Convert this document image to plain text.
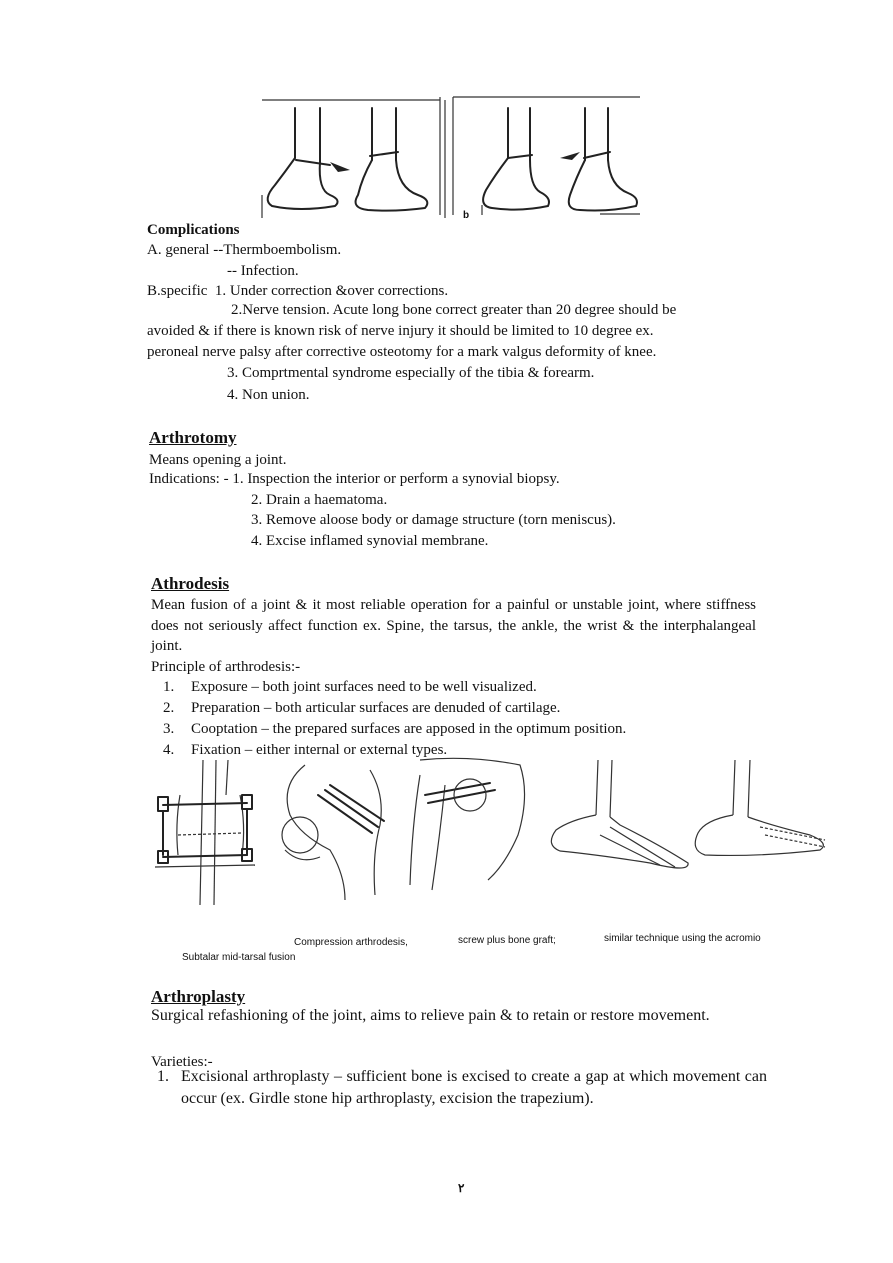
b
Complications
A. general --Thermboembolism.
-- Infection.
B.specific  1. Under correction &over corrections.
2.Nerve tension. Acute long bone correct greater than 20 degree should be
avoided & if there is known risk of nerve injury it should be limited to 10 degree ex.
peroneal nerve palsy after corrective osteotomy for a mark valgus deformity of knee.
3. Comprtmental syndrome especially of the tibia & forearm.
4. Non union.
Arthrotomy
Means opening a joint.
Indications: - 1. Inspection the interior or perform a synovial biopsy.
2. Drain a haematoma.
3. Remove aloose body or damage structure (torn meniscus).
4. Excise inflamed synovial membrane.
Athrodesis
Mean fusion of a joint & it most reliable operation for a painful or unstable joint, where stiffness does not seriously affect function ex. Spine, the tarsus, the ankle, the wrist & the interphalangeal joint.
Principle of arthrodesis:-
1. Exposure – both joint surfaces need to be well visualized.
2. Preparation – both articular surfaces are denuded of cartilage.
3. Cooptation – the prepared surfaces are apposed in the optimum position.
4. Fixation – either internal or external types.
Compression arthrodesis,	screw plus bone graft;	similar technique using the acromio
Subtalar mid-tarsal fusion
Arthroplasty
Surgical refashioning of the joint, aims to relieve pain & to retain or restore movement.
Varieties:-
1. Excisional arthroplasty – sufficient bone is excised to create a gap at which movement can occur (ex. Girdle stone hip arthroplasty, excision the trapezium).
٢
